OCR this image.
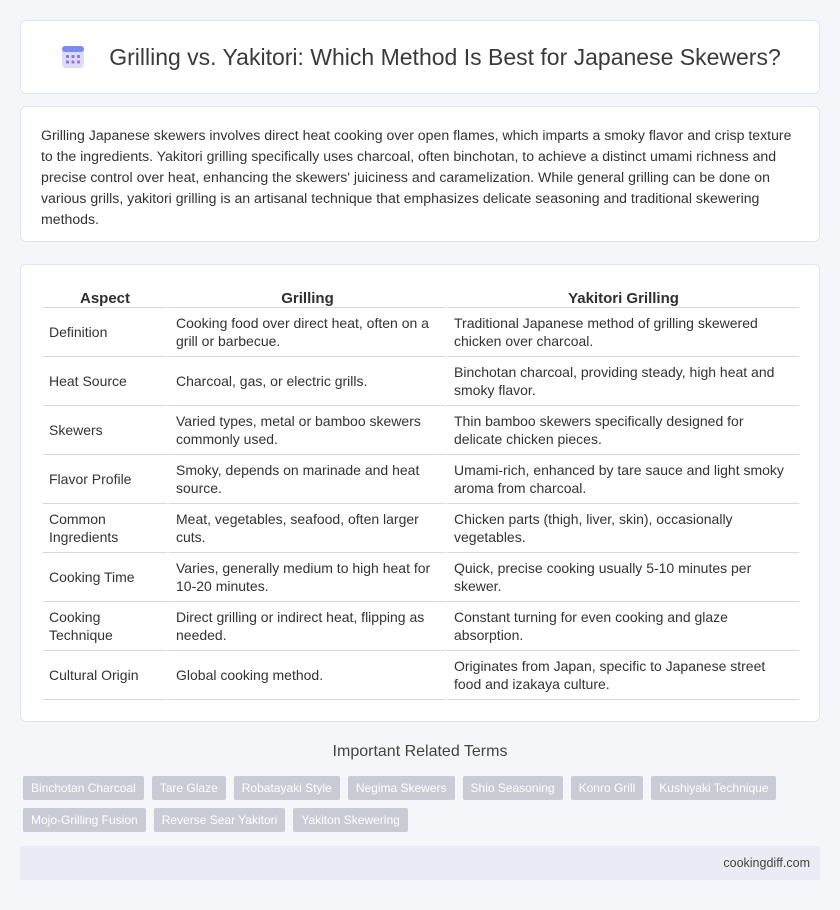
Grilling vs. Yakitori: Which Method Is Best for Japanese Skewers?

Grilling Japanese skewers involves direct heat cooking over open flames, which imparts a smoky flavor and crisp texture to the ingredients. Yakitori grilling specifically uses charcoal, often binchotan, to achieve a distinct umami richness and precise control over heat, enhancing the skewers' juiciness and caramelization. While general grilling can be done on various grills, yakitori grilling is an artisanal technique that emphasizes delicate seasoning and traditional skewering methods.

Aspect	Grilling	Yakitori Grilling
Definition	Cooking food over direct heat, often on a grill or barbecue.	Traditional Japanese method of grilling skewered chicken over charcoal.
Heat Source	Charcoal, gas, or electric grills.	Binchotan charcoal, providing steady, high heat and smoky flavor.
Skewers	Varied types, metal or bamboo skewers commonly used.	Thin bamboo skewers specifically designed for delicate chicken pieces.
Flavor Profile	Smoky, depends on marinade and heat source.	Umami-rich, enhanced by tare sauce and light smoky aroma from charcoal.
Common Ingredients	Meat, vegetables, seafood, often larger cuts.	Chicken parts (thigh, liver, skin), occasionally vegetables.
Cooking Time	Varies, generally medium to high heat for 10-20 minutes.	Quick, precise cooking usually 5-10 minutes per skewer.
Cooking Technique	Direct grilling or indirect heat, flipping as needed.	Constant turning for even cooking and glaze absorption.
Cultural Origin	Global cooking method.	Originates from Japan, specific to Japanese street food and izakaya culture.
Important Related Terms
Binchotan Charcoal	Tare Glaze	Robatayaki Style	Negima Skewers	Shio Seasoning	Konro Grill	Kushiyaki Technique
Mojo-Grilling Fusion	Reverse Sear Yakitori	Yakiton Skewering
cookingdiff.com
